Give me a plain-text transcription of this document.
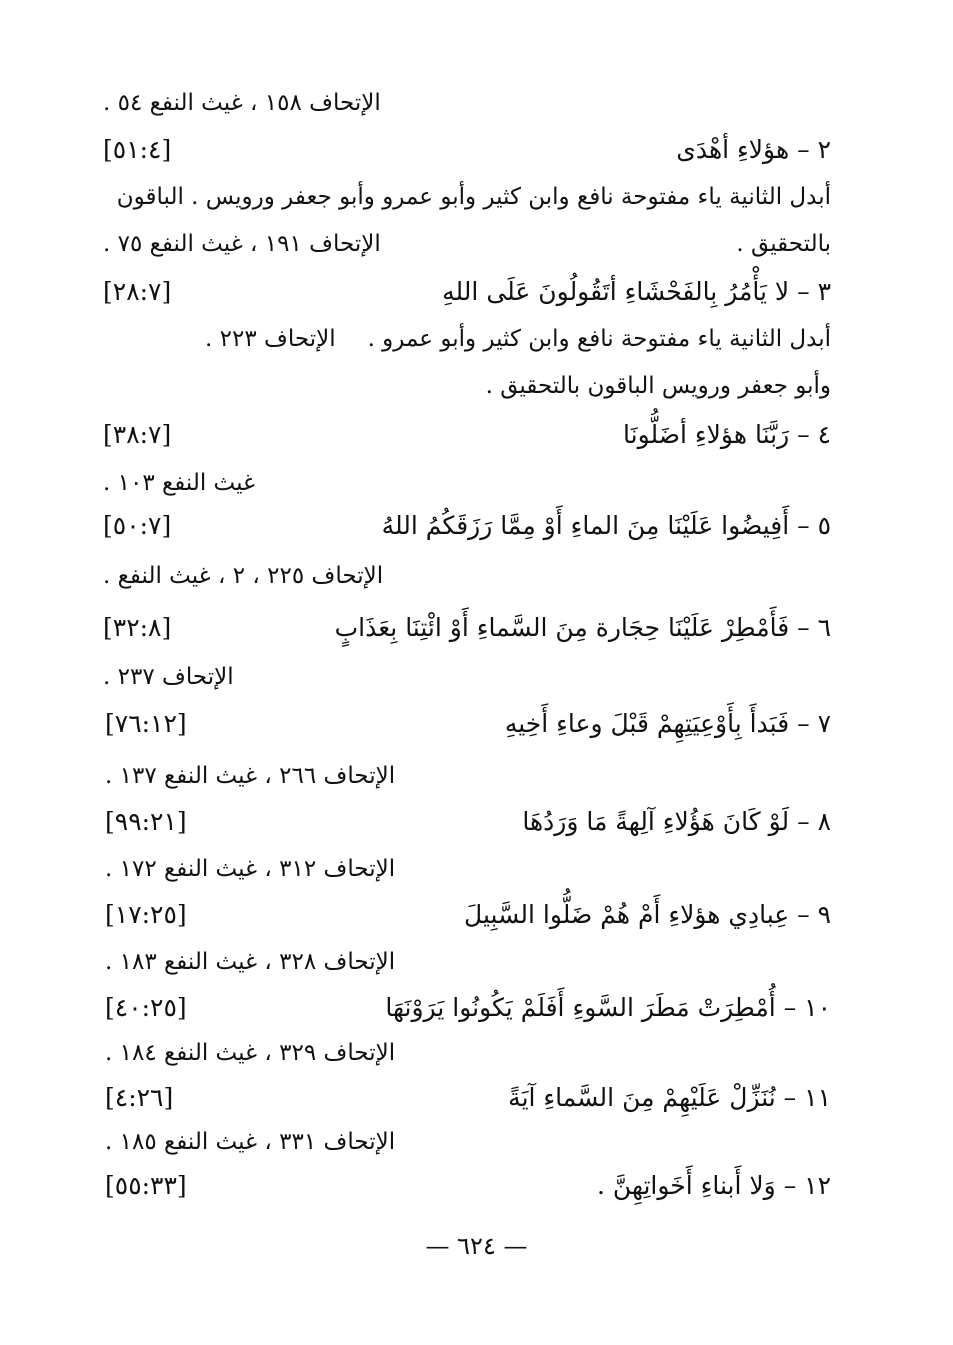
الإتحاف ١٥٨ ، غيث النفع ٥٤ .
٢ – هؤلاءِ أهْدَى
[٥١:٤]
أبدل الثانية ياء مفتوحة نافع وابن كثير وأبو عمرو وأبو جعفر ورويس . الباقون
بالتحقيق .
الإتحاف ١٩١ ، غيث النفع ٧٥ .
٣ – لا يَأْمُرُ بِالفَحْشَاءِ أتَقُولُونَ عَلَى اللهِ
[٢٨:٧]
أبدل الثانية ياء مفتوحة نافع وابن كثير وأبو عمرو .
الإتحاف ٢٢٣ .
وأبو جعفر ورويس الباقون بالتحقيق .
٤ – رَبَّنَا هؤلاءِ أضَلُّونَا
[٣٨:٧]
غيث النفع ١٠٣ .
٥ – أَفِيضُوا عَلَيْنَا مِنَ الماءِ أَوْ مِمَّا رَزَقَكُمُ اللهُ
[٥٠:٧]
الإتحاف ٢٢٥ ، ٢ ، غيث النفع .
٦ – فَأَمْطِرْ عَلَيْنَا حِجَارة مِنَ السَّماءِ أَوْ ائْتِنَا بِعَذَابٍ
[٣٢:٨]
الإتحاف ٢٣٧ .
٧ – فَبَدأَ بِأَوْعِيَتِهِمْ قَبْلَ وعاءِ أَخِيهِ
[٧٦:١٢]
الإتحاف ٢٦٦ ، غيث النفع ١٣٧ .
٨ – لَوْ كَانَ هَؤُلاءِ آلِهةً مَا وَرَدُهَا
[٩٩:٢١]
الإتحاف ٣١٢ ، غيث النفع ١٧٢ .
٩ – عِبادِي هؤلاءِ أَمْ هُمْ ضَلُّوا السَّبِيلَ
[١٧:٢٥]
الإتحاف ٣٢٨ ، غيث النفع ١٨٣ .
١٠ – أُمْطِرَتْ مَطَرَ السَّوءِ أَفَلَمْ يَكُونُوا يَرَوْنَهَا
[٤٠:٢٥]
الإتحاف ٣٢٩ ، غيث النفع ١٨٤ .
١١ – نُنَزِّلْ عَلَيْهِمْ مِنَ السَّماءِ آيَةً
[٤:٢٦]
الإتحاف ٣٣١ ، غيث النفع ١٨٥ .
١٢ – وَلا أَبناءِ أَخَواتِهِنَّ .
[٥٥:٣٣]
— ٦٢٤ —
